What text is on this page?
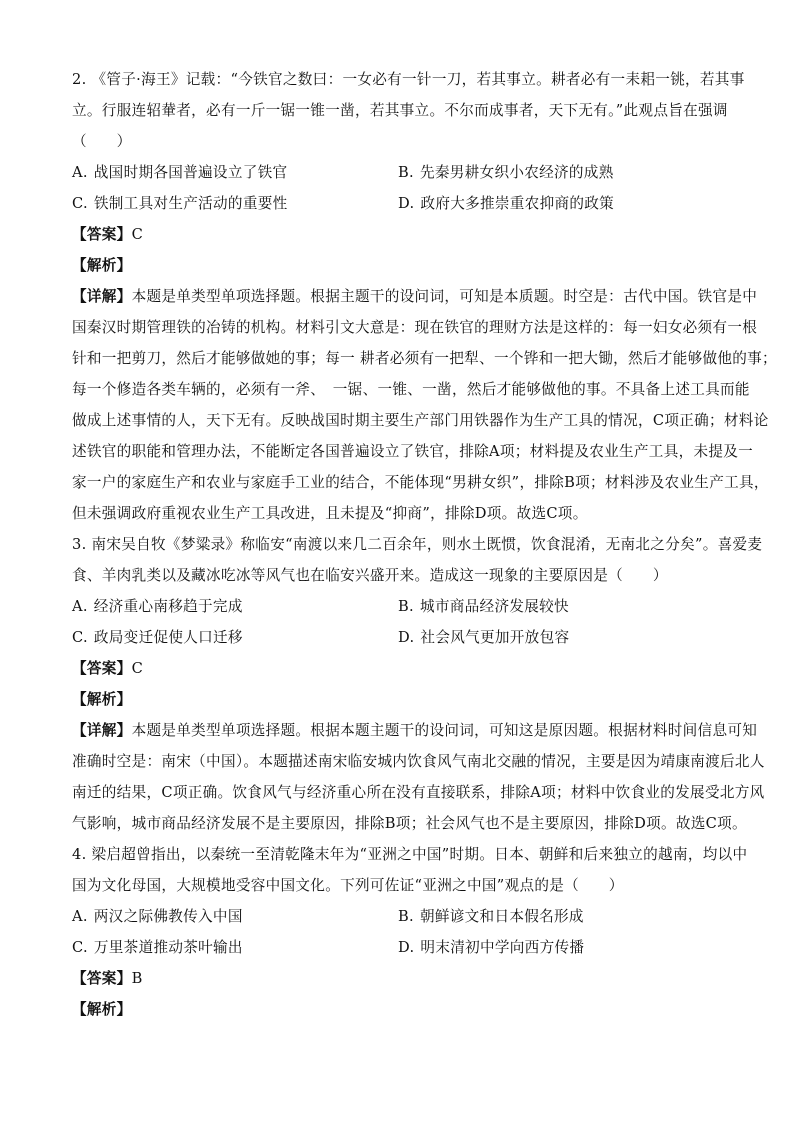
2. 《管子·海王》记载：“今铁官之数曰：一女必有一针一刀，若其事立。耕者必有一耒耜一铫，若其事
立。行服连轺輂者，必有一斤一锯一锥一凿，若其事立。不尔而成事者，天下无有。”此观点旨在强调
（　　）
A. 战国时期各国普遍设立了铁官	B. 先秦男耕女织小农经济的成熟
C. 铁制工具对生产活动的重要性	D. 政府大多推崇重农抑商的政策
【答案】C
【解析】
【详解】本题是单类型单项选择题。根据主题干的设问词，可知是本质题。时空是：古代中国。铁官是中
国秦汉时期管理铁的冶铸的机构。材料引文大意是：现在铁官的理财方法是这样的：每一妇女必须有一根
针和一把剪刀，然后才能够做她的事；每一 耕者必须有一把犁、一个铧和一把大锄，然后才能够做他的事；
每一个修造各类车辆的，必须有一斧、　一锯、一锥、一凿，然后才能够做他的事。不具备上述工具而能
做成上述事情的人，天下无有。反映战国时期主要生产部门用铁器作为生产工具的情况，C项正确；材料论
述铁官的职能和管理办法，不能断定各国普遍设立了铁官，排除A项；材料提及农业生产工具，未提及一
家一户的家庭生产和农业与家庭手工业的结合，不能体现“男耕女织”，排除B项；材料涉及农业生产工具，
但未强调政府重视农业生产工具改进，且未提及“抑商”，排除D项。故选C项。
3. 南宋吴自牧《梦粱录》称临安“南渡以来几二百余年，则水土既惯，饮食混淆，无南北之分矣”。喜爱麦
食、羊肉乳类以及藏冰吃冰等风气也在临安兴盛开来。造成这一现象的主要原因是（　　）
A. 经济重心南移趋于完成	B. 城市商品经济发展较快
C. 政局变迁促使人口迁移	D. 社会风气更加开放包容
【答案】C
【解析】
【详解】本题是单类型单项选择题。根据本题主题干的设问词，可知这是原因题。根据材料时间信息可知
准确时空是：南宋（中国）。本题描述南宋临安城内饮食风气南北交融的情况，主要是因为靖康南渡后北人
南迁的结果，C项正确。饮食风气与经济重心所在没有直接联系，排除A项；材料中饮食业的发展受北方风
气影响，城市商品经济发展不是主要原因，排除B项；社会风气也不是主要原因，排除D项。故选C项。
4. 梁启超曾指出，以秦统一至清乾隆末年为“亚洲之中国”时期。日本、朝鲜和后来独立的越南，均以中
国为文化母国，大规模地受容中国文化。下列可佐证“亚洲之中国”观点的是（　　）
A. 两汉之际佛教传入中国	B. 朝鲜谚文和日本假名形成
C. 万里茶道推动茶叶输出	D. 明末清初中学向西方传播
【答案】B
【解析】
